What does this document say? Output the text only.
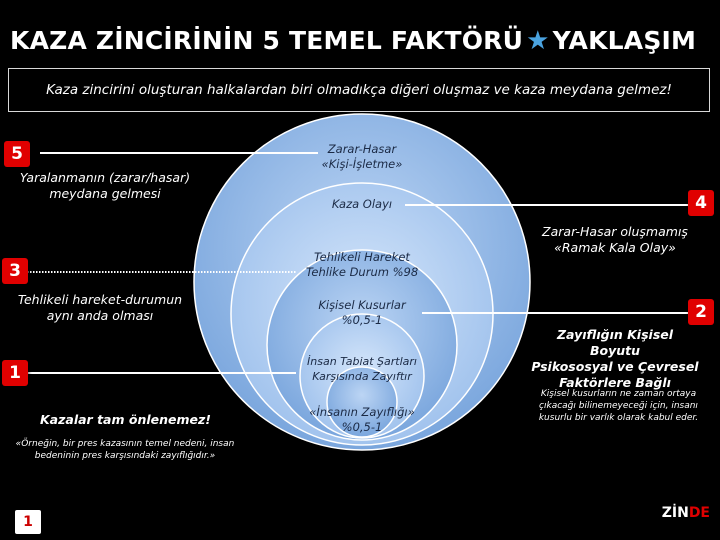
KAZA ZİNCİRİNİN 5 TEMEL FAKTÖRÜ ★ YAKLAŞIM
Kaza zincirini oluşturan halkalardan biri olmadıkça diğeri oluşmaz ve kaza meydana gelmez!
Zarar-Hasar
«Kişi-İşletme»
Kaza Olayı
Tehlikeli Hareket
Tehlike Durum %98
Kişisel Kusurlar
%0,5-1
İnsan Tabiat Şartları
Karşısında Zayıftır
«İnsanın Zayıflığı»
%0,5-1
5
Yaralanmanın (zarar/hasar)
meydana gelmesi	4
Zarar-Hasar oluşmamış
«Ramak Kala Olay»
3
Tehlikeli hareket-durumun
aynı anda olması	2
Zayıflığın Kişisel Boyutu
Psikososyal ve Çevresel
Faktörlere Bağlı
Kişisel kusurların ne zaman ortaya
çıkacağı bilinemeyeceği için, insanı
kusurlu bir varlık olarak kabul eder.
1
Kazalar tam önlenemez!
«Örneğin, bir pres kazasının temel nedeni, insan
bedeninin pres karşısındaki zayıflığıdır.»
1
ZİNDE
